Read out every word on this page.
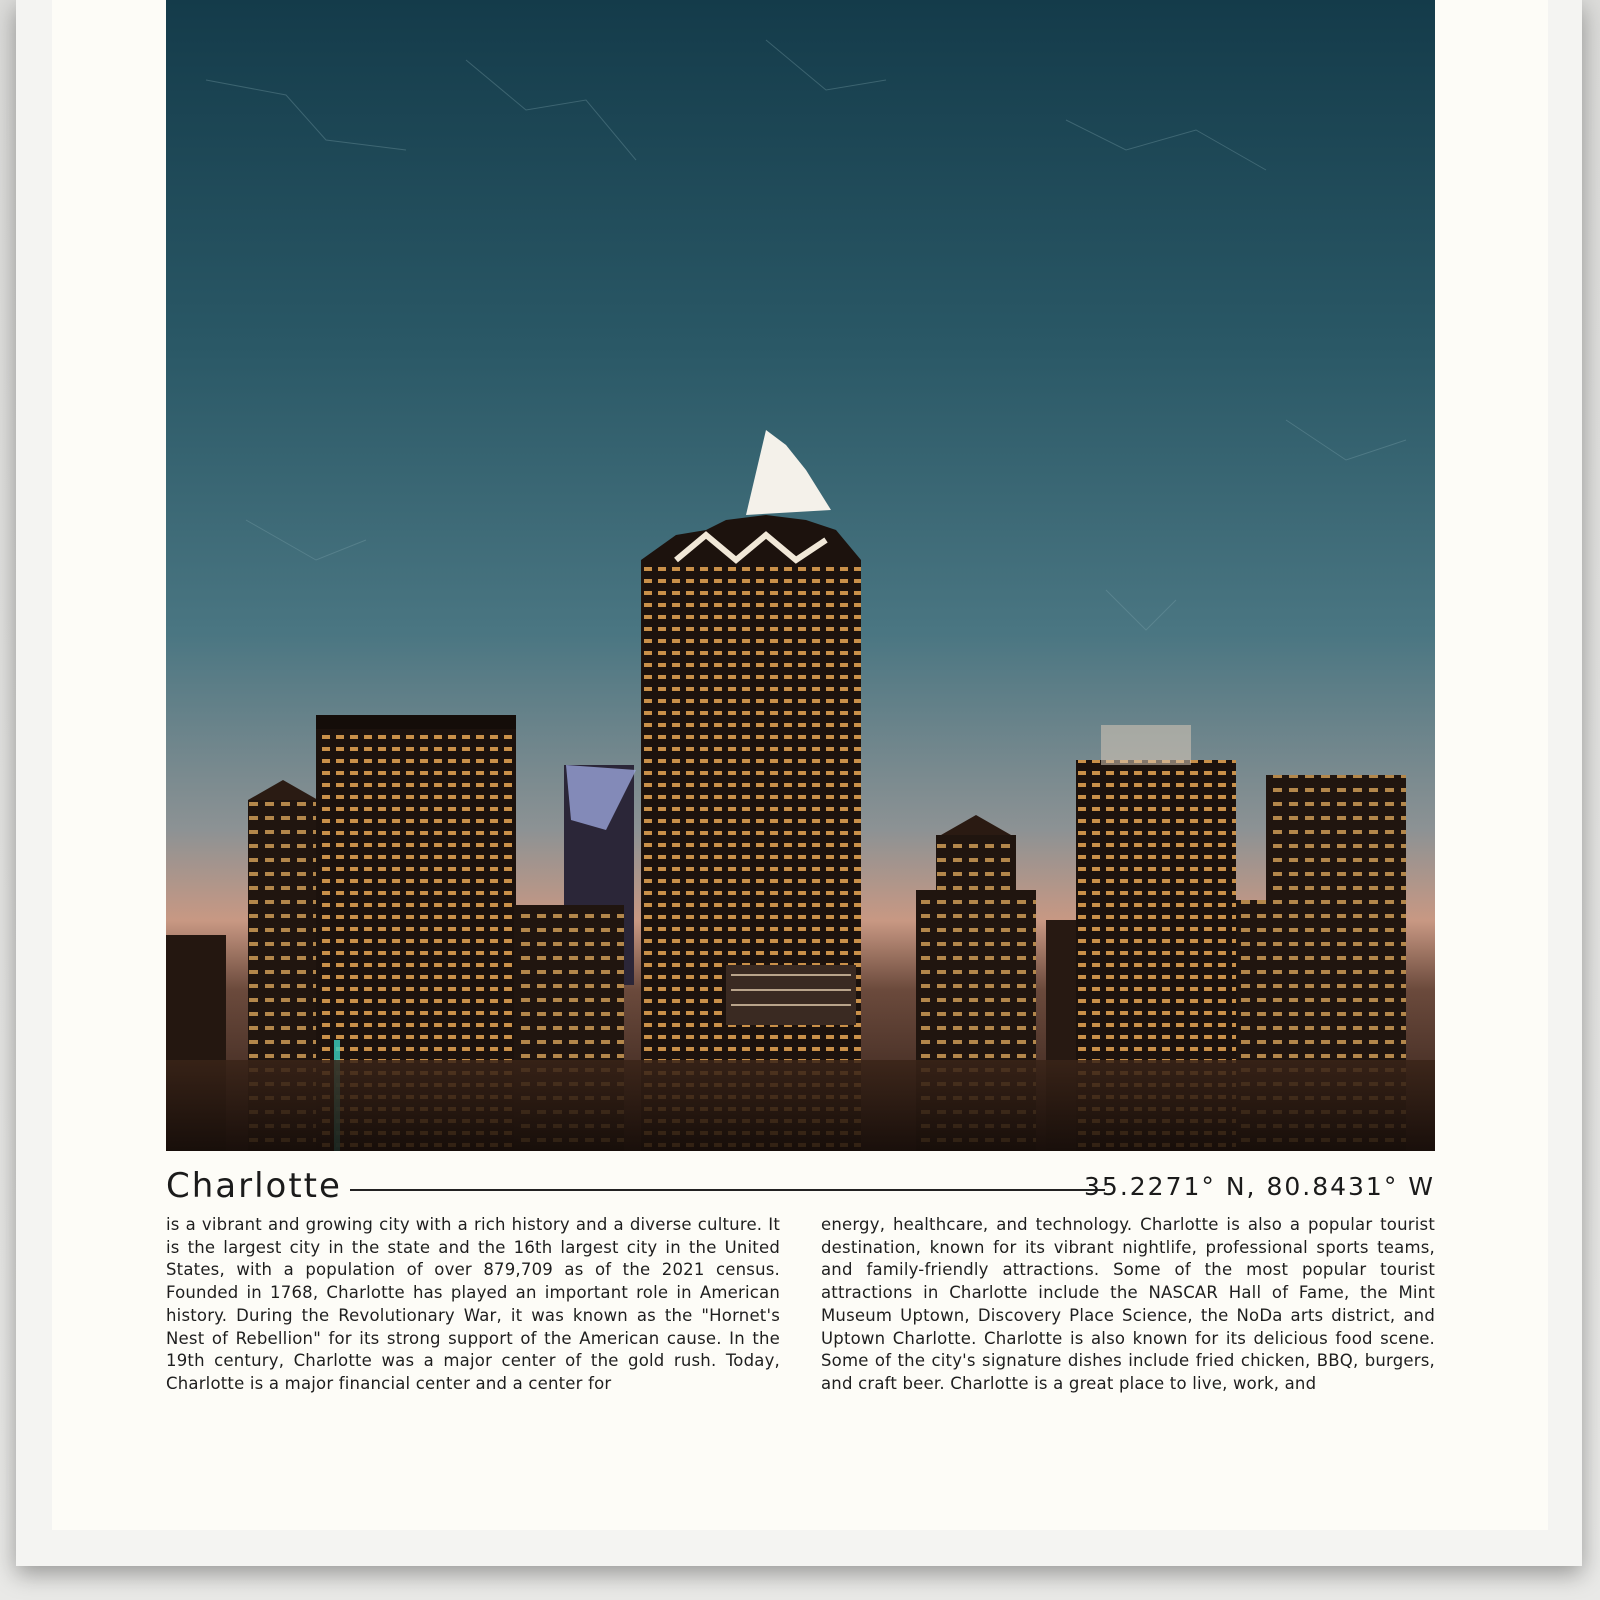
Charlotte	35.2271° N, 80.8431° W
is a vibrant and growing city with a rich history and a diverse culture. It is the largest city in the state and the 16th largest city in the United States, with a population of over 879,709 as of the 2021 census. Founded in 1768, Charlotte has played an important role in American history. During the Revolutionary War, it was known as the "Hornet's Nest of Rebellion" for its strong support of the American cause. In the 19th century, Charlotte was a major center of the gold rush. Today, Charlotte is a major financial center and a center for
energy, healthcare, and technology. Charlotte is also a popular tourist destination, known for its vibrant nightlife, professional sports teams, and family-friendly attractions. Some of the most popular tourist attractions in Charlotte include the NASCAR Hall of Fame, the Mint Museum Uptown, Discovery Place Science, the NoDa arts district, and Uptown Charlotte. Charlotte is also known for its delicious food scene. Some of the city's signature dishes include fried chicken, BBQ, burgers, and craft beer. Charlotte is a great place to live, work, and
